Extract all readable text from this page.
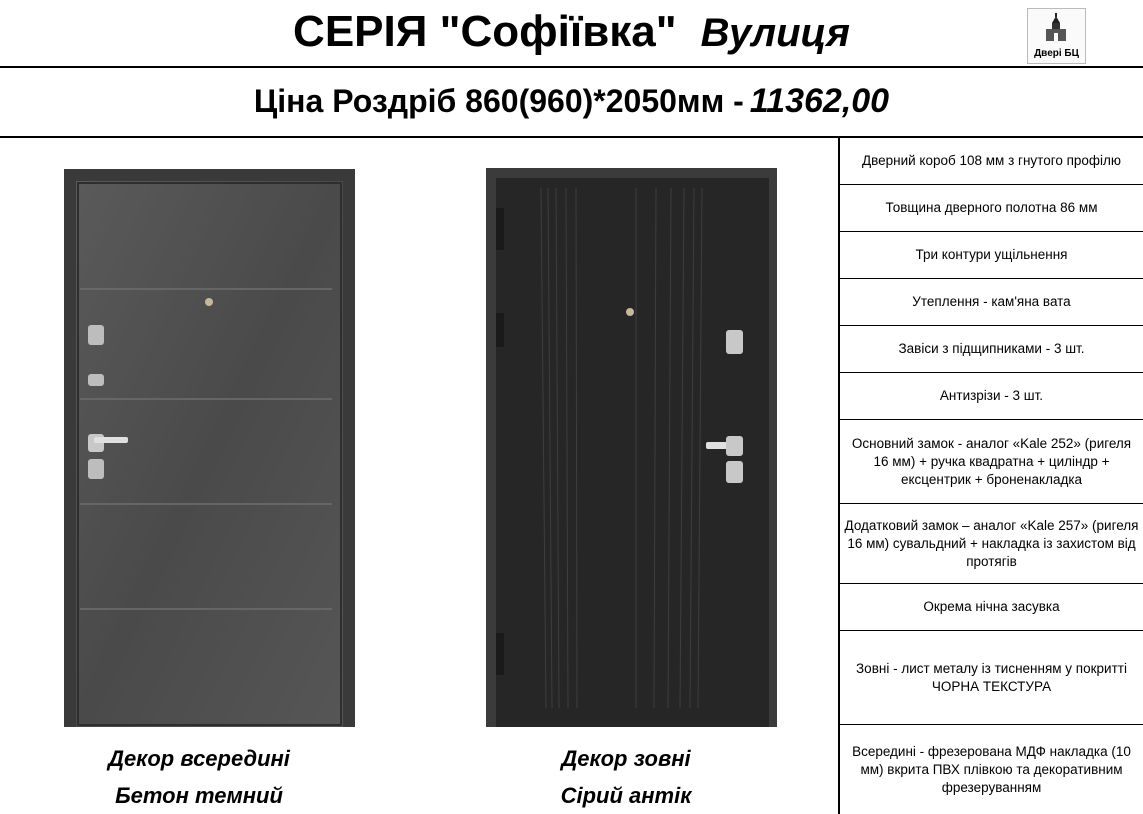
СЕРІЯ "Софіївка" Вулиця	Двері БЦ
Ціна Роздріб 860(960)*2050мм - 11362,00
Декор всередині
Бетон темний
Декор зовні
Сірий антік
Дверний короб 108 мм з гнутого профілю
Товщина дверного полотна 86 мм
Три контури ущільнення
Утеплення - кам'яна вата
Завіси з підщипниками - 3 шт.
Антизрізи - 3 шт.
Основний замок - аналог «Kale 252» (ригеля 16 мм) + ручка квадратна + циліндр + ексцентрик + броненакладка
Додатковий замок – аналог «Kale 257» (ригеля 16 мм) сувальдний + накладка із захистом від протягів
Окрема нічна засувка
Зовні - лист металу із тисненням у покритті ЧОРНА ТЕКСТУРА
Всередині - фрезерована МДФ накладка (10 мм) вкрита ПВХ плівкою та декоративним фрезеруванням
